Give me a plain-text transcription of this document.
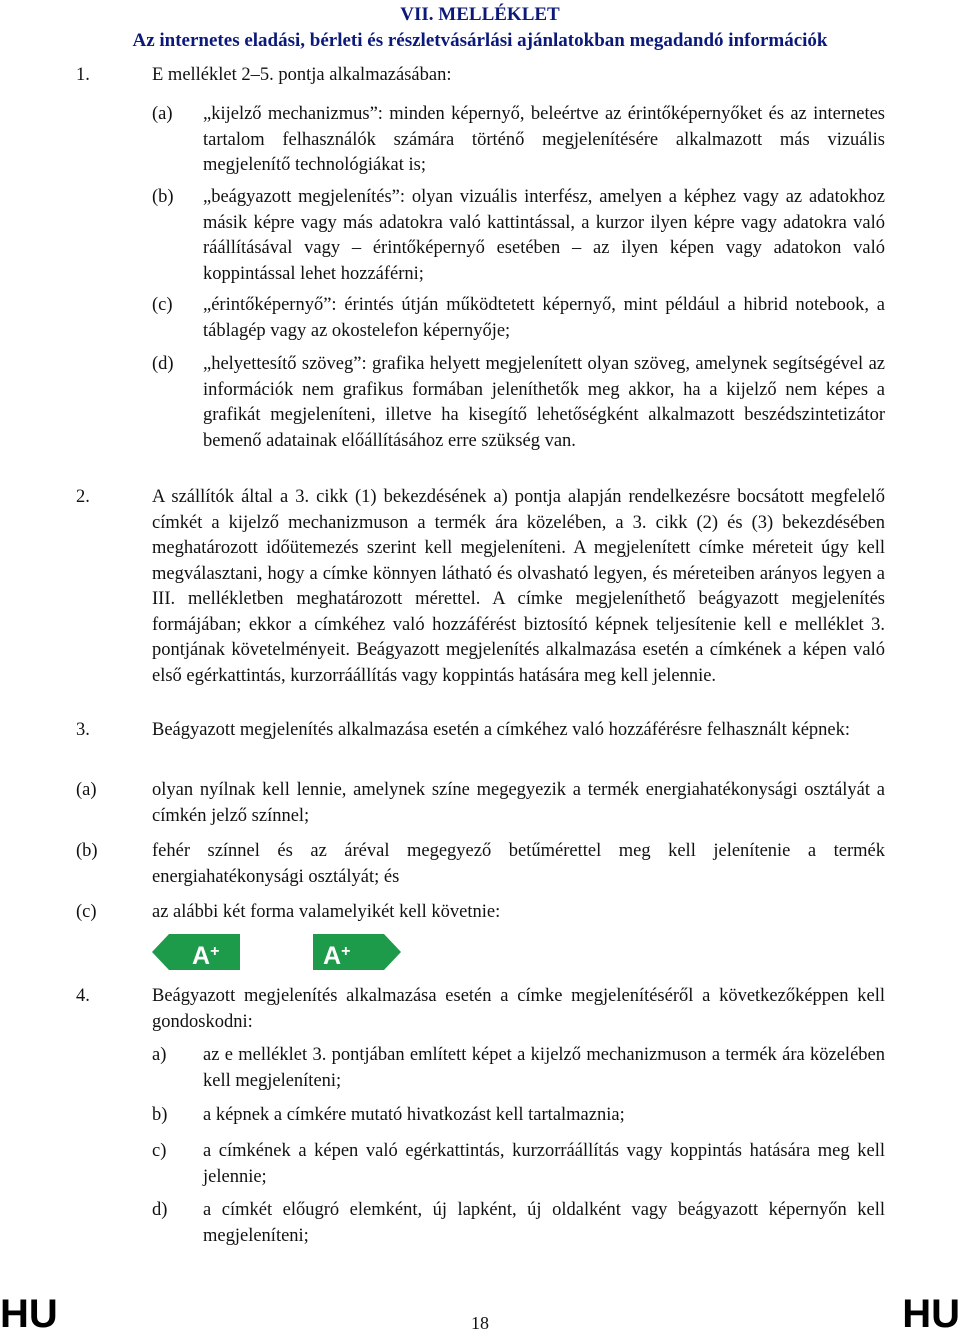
VII. MELLÉKLET
Az internetes eladási, bérleti és részletvásárlási ajánlatokban megadandó információk
1.	E melléklet 2–5. pontja alkalmazásában:
(a) „kijelző mechanizmus”: minden képernyő, beleértve az érintőképernyőket és az internetes tartalom felhasználók számára történő megjelenítésére alkalmazott más vizuális megjelenítő technológiákat is;
(b) „beágyazott megjelenítés”: olyan vizuális interfész, amelyen a képhez vagy az adatokhoz másik képre vagy más adatokra való kattintással, a kurzor ilyen képre vagy adatokra való ráállításával vagy – érintőképernyő esetében – az ilyen képen vagy adatokon való koppintással lehet hozzáférni;
(c) „érintőképernyő”: érintés útján működtetett képernyő, mint például a hibrid notebook, a táblagép vagy az okostelefon képernyője;
(d) „helyettesítő szöveg”: grafika helyett megjelenített olyan szöveg, amelynek segítségével az információk nem grafikus formában jeleníthetők meg akkor, ha a kijelző nem képes a grafikát megjeleníteni, illetve ha kisegítő lehetőségként alkalmazott beszédszintetizátor bemenő adatainak előállításához erre szükség van.
2.	A szállítók által a 3. cikk (1) bekezdésének a) pontja alapján rendelkezésre bocsátott megfelelő címkét a kijelző mechanizmuson a termék ára közelében, a 3. cikk (2) és (3) bekezdésében meghatározott időütemezés szerint kell megjeleníteni. A megjelenített címke méreteit úgy kell megválasztani, hogy a címke könnyen látható és olvasható legyen, és méreteiben arányos legyen a III. mellékletben meghatározott mérettel. A címke megjeleníthető beágyazott megjelenítés formájában; ekkor a címkéhez való hozzáférést biztosító képnek teljesítenie kell e melléklet 3. pontjának követelményeit. Beágyazott megjelenítés alkalmazása esetén a címkének a képen való első egérkattintás, kurzorráállítás vagy koppintás hatására meg kell jelennie.
3.	Beágyazott megjelenítés alkalmazása esetén a címkéhez való hozzáférésre felhasznált képnek:
(a)	olyan nyílnak kell lennie, amelynek színe megegyezik a termék energiahatékonysági osztályát a címkén jelző színnel;
(b)	fehér színnel és az áréval megegyező betűmérettel meg kell jelenítenie a termék energiahatékonysági osztályát; és
(c)	az alábbi két forma valamelyikét kell követnie:
A+	A+
4.	Beágyazott megjelenítés alkalmazása esetén a címke megjelenítéséről a következőképpen kell gondoskodni:
a) az e melléklet 3. pontjában említett képet a kijelző mechanizmuson a termék ára közelében kell megjeleníteni;
b) a képnek a címkére mutató hivatkozást kell tartalmaznia;
c) a címkének a képen való egérkattintás, kurzorráállítás vagy koppintás hatására meg kell jelennie;
d) a címkét előugró elemként, új lapként, új oldalként vagy beágyazott képernyőn kell megjeleníteni;
HU	18	HU
